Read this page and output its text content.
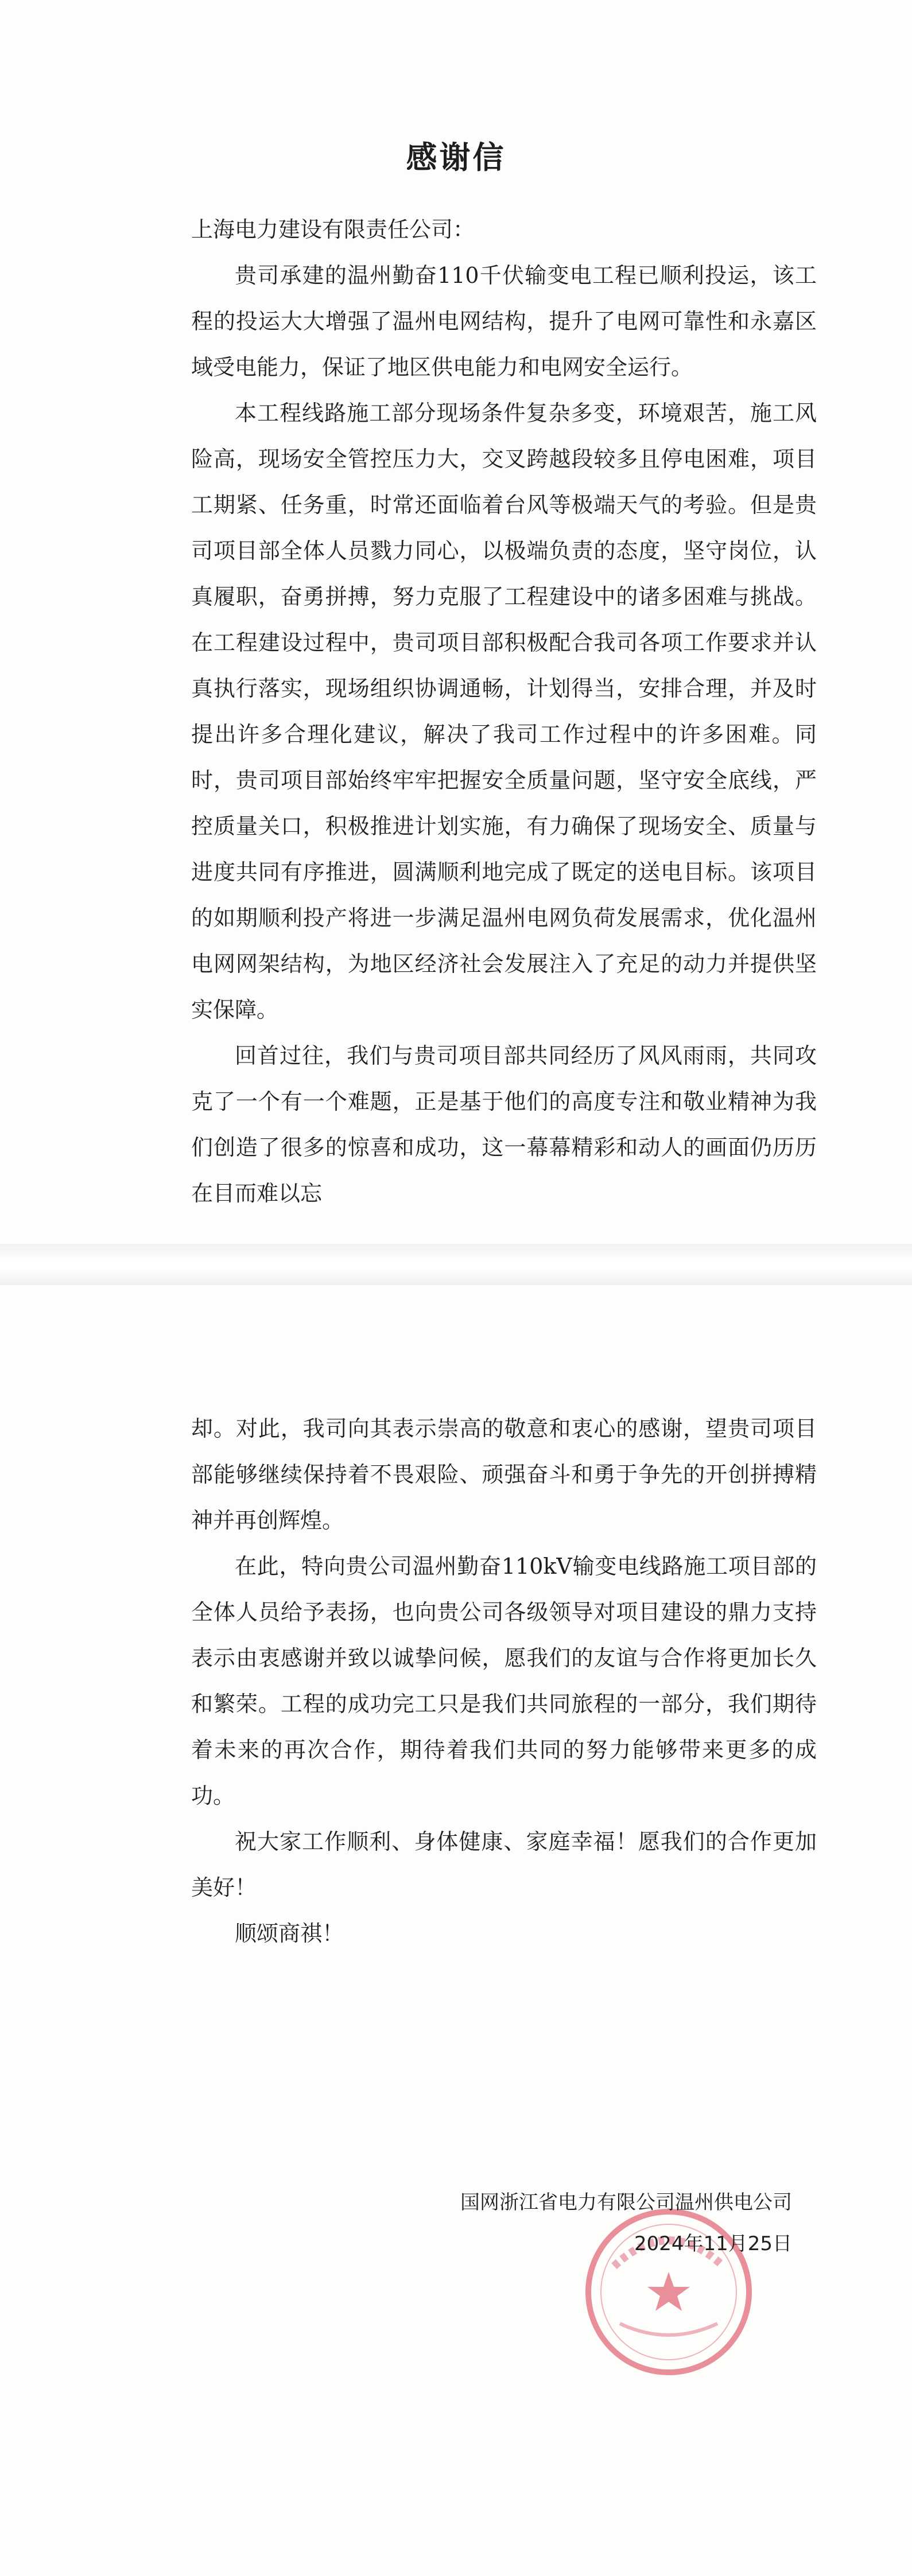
感谢信
上海电力建设有限责任公司：

贵司承建的温州勤奋110千伏输变电工程已顺利投运，该工程的投运大大增强了温州电网结构，提升了电网可靠性和永嘉区域受电能力，保证了地区供电能力和电网安全运行。

本工程线路施工部分现场条件复杂多变，环境艰苦，施工风险高，现场安全管控压力大，交叉跨越段较多且停电困难，项目工期紧、任务重，时常还面临着台风等极端天气的考验。但是贵司项目部全体人员戮力同心，以极端负责的态度，坚守岗位，认真履职，奋勇拼搏，努力克服了工程建设中的诸多困难与挑战。在工程建设过程中，贵司项目部积极配合我司各项工作要求并认真执行落实，现场组织协调通畅，计划得当，安排合理，并及时提出许多合理化建议，解决了我司工作过程中的许多困难。同时，贵司项目部始终牢牢把握安全质量问题，坚守安全底线，严控质量关口，积极推进计划实施，有力确保了现场安全、质量与进度共同有序推进，圆满顺利地完成了既定的送电目标。该项目的如期顺利投产将进一步满足温州电网负荷发展需求，优化温州电网网架结构，为地区经济社会发展注入了充足的动力并提供坚实保障。

回首过往，我们与贵司项目部共同经历了风风雨雨，共同攻克了一个有一个难题，正是基于他们的高度专注和敬业精神为我们创造了很多的惊喜和成功，这一幕幕精彩和动人的画面仍历历在目而难以忘

却。对此，我司向其表示崇高的敬意和衷心的感谢，望贵司项目部能够继续保持着不畏艰险、顽强奋斗和勇于争先的开创拼搏精神并再创辉煌。

在此，特向贵公司温州勤奋110kV输变电线路施工项目部的全体人员给予表扬，也向贵公司各级领导对项目建设的鼎力支持表示由衷感谢并致以诚挚问候，愿我们的友谊与合作将更加长久和繁荣。工程的成功完工只是我们共同旅程的一部分，我们期待着未来的再次合作，期待着我们共同的努力能够带来更多的成功。

祝大家工作顺利、身体健康、家庭幸福！愿我们的合作更加美好！

顺颂商祺！

国网浙江省电力有限公司温州供电公司
2024年11月25日
